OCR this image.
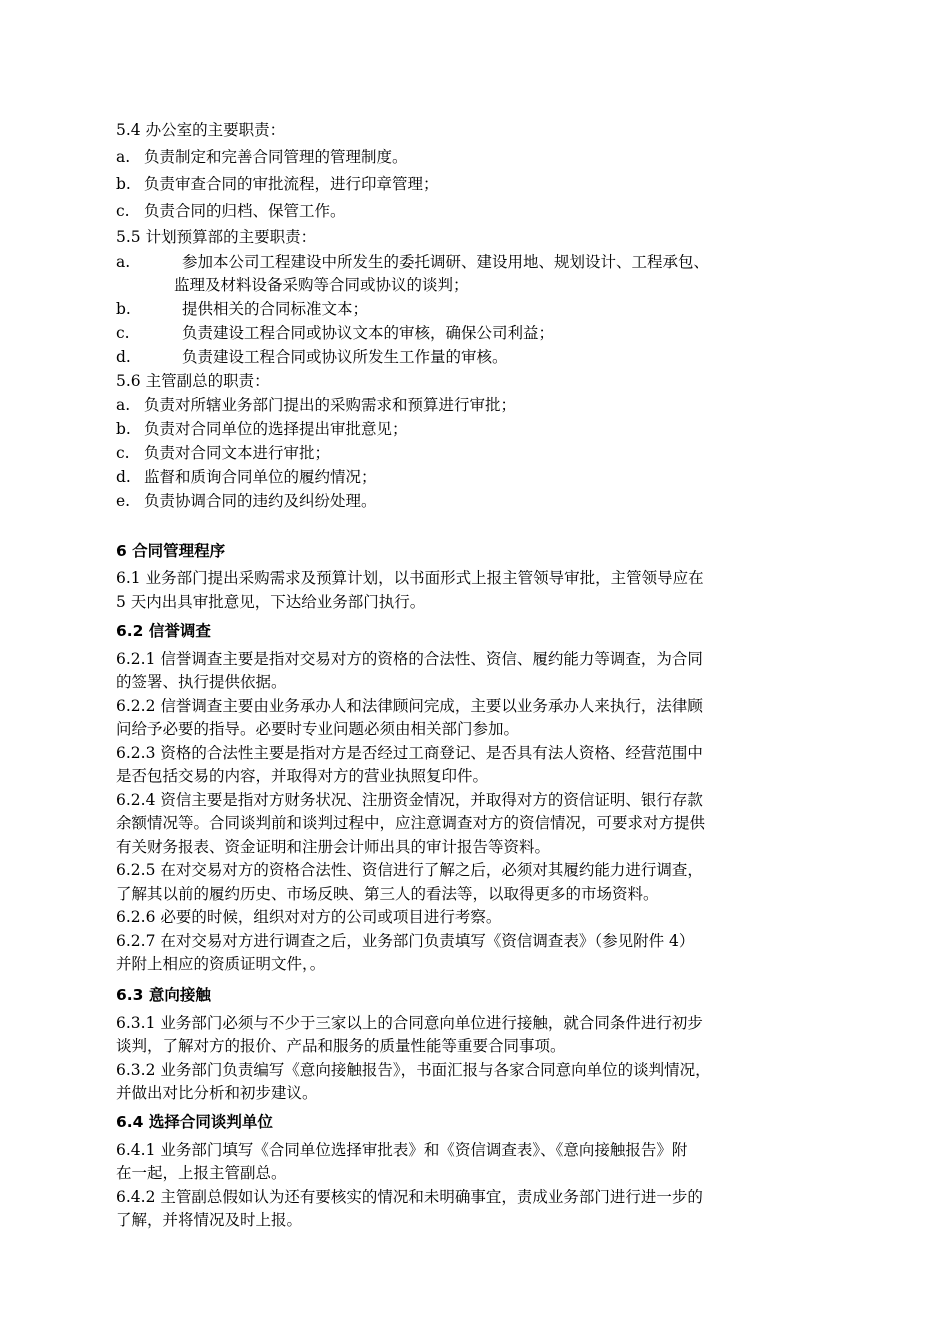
5.4 办公室的主要职责：
a. 负责制定和完善合同管理的管理制度。
b. 负责审查合同的审批流程，进行印章管理；
c. 负责合同的归档、保管工作。
5.5 计划预算部的主要职责：
a.	参加本公司工程建设中所发生的委托调研、建设用地、规划设计、工程承包、
监理及材料设备采购等合同或协议的谈判；
b.	提供相关的合同标准文本；
c.	负责建设工程合同或协议文本的审核，确保公司利益；
d.	负责建设工程合同或协议所发生工作量的审核。
5.6 主管副总的职责：
a. 负责对所辖业务部门提出的采购需求和预算进行审批；
b. 负责对合同单位的选择提出审批意见；
c. 负责对合同文本进行审批；
d. 监督和质询合同单位的履约情况；
e. 负责协调合同的违约及纠纷处理。
6 合同管理程序
6.1 业务部门提出采购需求及预算计划，以书面形式上报主管领导审批，主管领导应在
5 天内出具审批意见，下达给业务部门执行。
6.2 信誉调查
6.2.1 信誉调查主要是指对交易对方的资格的合法性、资信、履约能力等调查，为合同
的签署、执行提供依据。
6.2.2 信誉调查主要由业务承办人和法律顾问完成，主要以业务承办人来执行，法律顾
问给予必要的指导。必要时专业问题必须由相关部门参加。
6.2.3 资格的合法性主要是指对方是否经过工商登记、是否具有法人资格、经营范围中
是否包括交易的内容，并取得对方的营业执照复印件。
6.2.4 资信主要是指对方财务状况、注册资金情况，并取得对方的资信证明、银行存款
余额情况等。合同谈判前和谈判过程中，应注意调查对方的资信情况，可要求对方提供
有关财务报表、资金证明和注册会计师出具的审计报告等资料。
6.2.5 在对交易对方的资格合法性、资信进行了解之后，必须对其履约能力进行调查，
了解其以前的履约历史、市场反映、第三人的看法等，以取得更多的市场资料。
6.2.6 必要的时候，组织对对方的公司或项目进行考察。
6.2.7 在对交易对方进行调查之后，业务部门负责填写《资信调查表》（参见附件 4）
并附上相应的资质证明文件，。
6.3 意向接触
6.3.1 业务部门必须与不少于三家以上的合同意向单位进行接触，就合同条件进行初步
谈判，了解对方的报价、产品和服务的质量性能等重要合同事项。
6.3.2 业务部门负责编写《意向接触报告》，书面汇报与各家合同意向单位的谈判情况，
并做出对比分析和初步建议。
6.4 选择合同谈判单位
6.4.1 业务部门填写《合同单位选择审批表》和《资信调查表》、《意向接触报告》附
在一起，上报主管副总。
6.4.2 主管副总假如认为还有要核实的情况和未明确事宜，责成业务部门进行进一步的
了解，并将情况及时上报。
